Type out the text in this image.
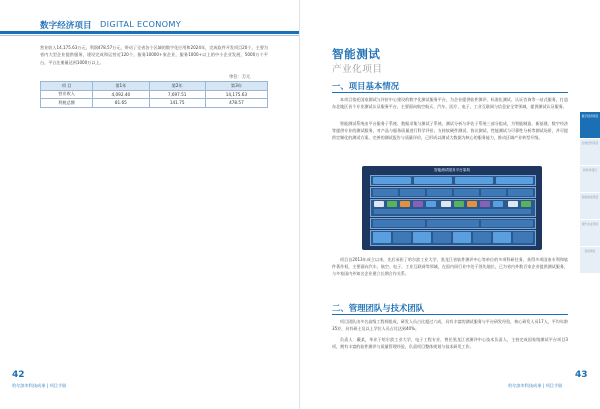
数字经济项目 DIGITAL ECONOMY
营业收入14,175.63万元，利润478.57万元，带动了全省各个区域的数字化应用和2024年，完成软件开发项目20个，主要为省内大型企业提供服务，建设完成和运营近120个，服务10000+家企业，服务1000+以上的中小企业发展，5000万个平台，平台注册量达到1000万以上。
单位：万元
项 目	第1年	第2年	第3年
营业收入	4,092.40	7,697.51	14,175.63
利税总额	81.65	141.75	478.57
42
哈尔滨市科技成果 | 项目手册
智能测试
产业化项目
一、项目基本情况
本项目依托国家测试与评价中心建设的数字化测试服务平台，为企业提供软件测评、标准化测试、认证咨询等一站式服务，打造东北地区首个专业测试认证服务平台，主要面向航空航天、汽车、医疗、电子、工业互联网与信息安全等领域，提供测试认证服务。
智能测试系统由平台服务子系统、数据采集与测试子系统、测试分析与评估子系统三部分组成，为智能制造、新基建、数字经济等提供专业的测试服务，对产品与服务质量进行科学评价。支持软硬件测试、协议测试、性能测试与可靠性分析等测试场景，并可提供定制化的测试方案、完善的测试报告与质量评价，已形成以测试大数据为核心的服务能力，推动区域产业转型升级。
智能测试服务平台架构
项目自2013年成立以来，先后承担了哈尔滨工业大学、黑龙江省软件测评中心等单位的多项科研任务，获得多项国家专利和软件著作权，主要面向汽车、航空、电子、工业互联网等领域，在国内同行业中处于领先地位，已为省内外数百家企业提供测试服务，与多家国内外知名企业建立长期合作关系。
二、管理团队与技术团队
项目团队由多名高级工程师组成，研发人员占比超过六成，具有丰富的测试服务与平台研发经验，核心研发人员17人，平均年龄35岁，具有硕士及以上学位人员占比达到40%。
负责人：戴某，毕业于哈尔滨工业大学，电子工程专业，曾任黑龙江省测评中心技术负责人，主持完成国家级测试平台项目3项，拥有丰富的软件测评与质量管理经验，负责项目整体规划与技术研发工作。
数字经济项目
生物医药项目
新材料项目
高端装备项目
现代农业项目
其他项目
43
哈尔滨市科技成果 | 项目手册
